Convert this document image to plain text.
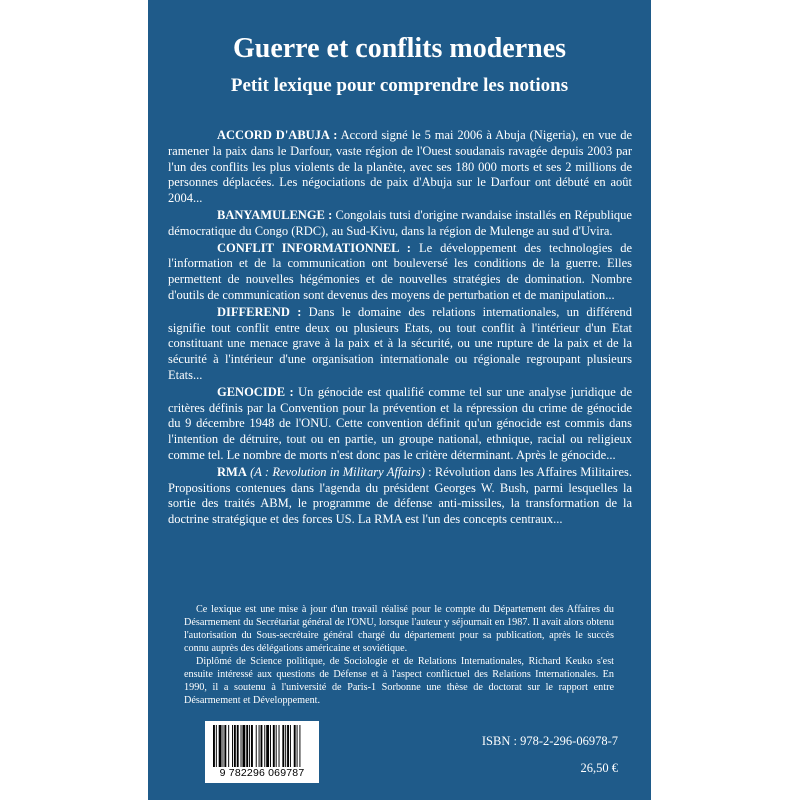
Guerre et conflits modernes
Petit lexique pour comprendre les notions

ACCORD D'ABUJA : Accord signé le 5 mai 2006 à Abuja (Nigeria), en vue de ramener la paix dans le Darfour, vaste région de l'Ouest soudanais ravagée depuis 2003 par l'un des conflits les plus violents de la planète, avec ses 180 000 morts et ses 2 millions de personnes déplacées. Les négociations de paix d'Abuja sur le Darfour ont débuté en août 2004...

BANYAMULENGE : Congolais tutsi d'origine rwandaise installés en République démocratique du Congo (RDC), au Sud-Kivu, dans la région de Mulenge au sud d'Uvira.

CONFLIT INFORMATIONNEL : Le développement des technologies de l'information et de la communication ont bouleversé les conditions de la guerre. Elles permettent de nouvelles hégémonies et de nouvelles stratégies de domination. Nombre d'outils de communication sont devenus des moyens de perturbation et de manipulation...

DIFFEREND : Dans le domaine des relations internationales, un différend signifie tout conflit entre deux ou plusieurs Etats, ou tout conflit à l'intérieur d'un Etat constituant une menace grave à la paix et à la sécurité, ou une rupture de la paix et de la sécurité à l'intérieur d'une organisation internationale ou régionale regroupant plusieurs Etats...

GENOCIDE : Un génocide est qualifié comme tel sur une analyse juridique de critères définis par la Convention pour la prévention et la répression du crime de génocide du 9 décembre 1948 de l'ONU. Cette convention définit qu'un génocide est commis dans l'intention de détruire, tout ou en partie, un groupe national, ethnique, racial ou religieux comme tel. Le nombre de morts n'est donc pas le critère déterminant. Après le génocide...

RMA (A : Revolution in Military Affairs) : Révolution dans les Affaires Militaires. Propositions contenues dans l'agenda du président Georges W. Bush, parmi lesquelles la sortie des traités ABM, le programme de défense anti-missiles, la transformation de la doctrine stratégique et des forces US. La RMA est l'un des concepts centraux...

Ce lexique est une mise à jour d'un travail réalisé pour le compte du Département des Affaires du Désarmement du Secrétariat général de l'ONU, lorsque l'auteur y séjournait en 1987. Il avait alors obtenu l'autorisation du Sous-secrétaire général chargé du département pour sa publication, après le succès connu auprès des délégations américaine et soviétique.

Diplômé de Science politique, de Sociologie et de Relations Internationales, Richard Keuko s'est ensuite intéressé aux questions de Défense et à l'aspect conflictuel des Relations Internationales. En 1990, il a soutenu à l'université de Paris-1 Sorbonne une thèse de doctorat sur le rapport entre Désarmement et Développement.

9 782296 069787
ISBN : 978-2-296-06978-7
26,50 €
